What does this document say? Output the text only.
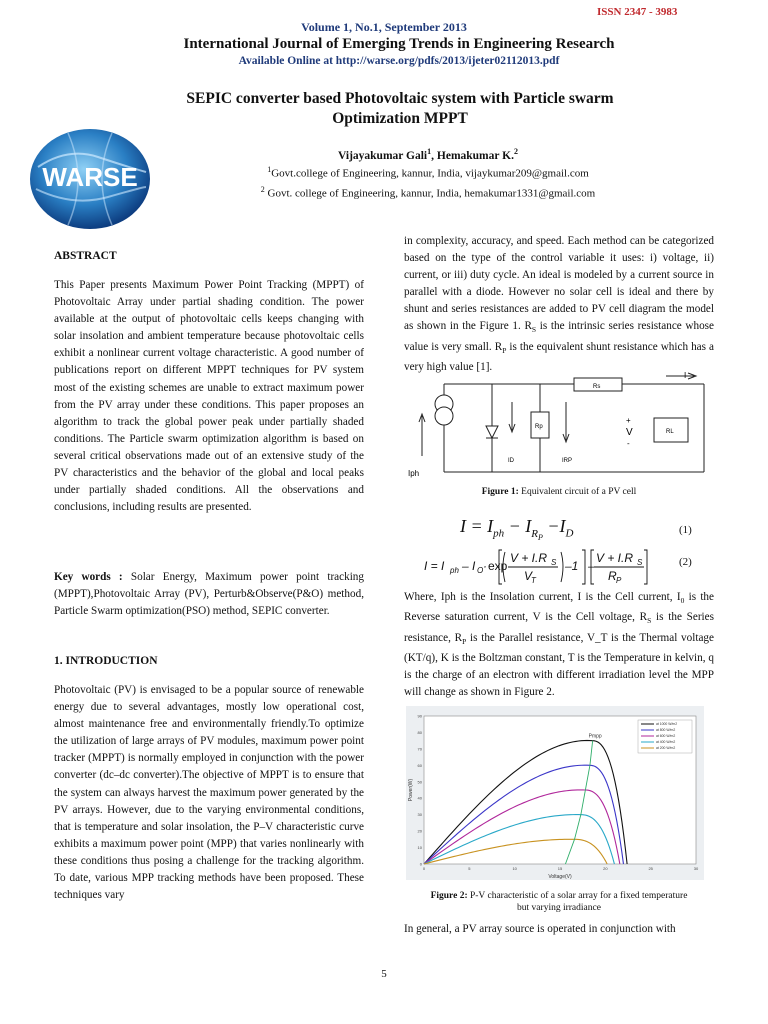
ISSN 2347 - 3983
Volume 1, No.1, September 2013
International Journal of Emerging Trends in Engineering Research
Available Online at http://warse.org/pdfs/2013/ijeter02112013.pdf
WARSE
SEPIC converter based Photovoltaic system with Particle swarm
Optimization MPPT
Vijayakumar Gali$^1$, Hemakumar K.$^2$
$^1$Govt.college of Engineering, kannur, India, vijaykumar209@gmail.com
$^2$ Govt. college of Engineering, kannur, India, hemakumar1331@gmail.com
ABSTRACT
This Paper presents Maximum Power Point Tracking (MPPT) of Photovoltaic Array under partial shading condition. The power available at the output of photovoltaic cells keeps changing with solar insolation and ambient temperature because photovoltaic cells exhibit a nonlinear current voltage characteristic. A good number of publications report on different MPPT techniques for PV system most of the existing schemes are unable to extract maximum power from the PV array under these conditions. This paper proposes an algorithm to track the global power peak under partially shaded conditions. The Particle swarm optimization algorithm is based on several critical observations made out of an extensive study of the PV characteristics and the behavior of the global and local peaks under partially shaded conditions. All the observations and conclusions, including results are presented.
Key words : Solar Energy, Maximum power point tracking (MPPT),Photovoltaic Array (PV), Perturb&Observe(P&O) method, Particle Swarm optimization(PSO) method, SEPIC converter.
1. INTRODUCTION
Photovoltaic (PV) is envisaged to be a popular source of renewable energy due to several advantages, mostly low operational cost, almost maintenance free and environmentally friendly.To optimize the utilization of large arrays of PV modules, maximum power point tracker (MPPT) is normally employed in conjunction with the power converter (dc–dc converter).The objective of MPPT is to ensure that the system can always harvest the maximum power generated by the PV arrays. However, due to the varying environmental conditions, that is temperature and solar insolation, the P–V characteristic curve exhibits a maximum power point (MPP) that varies nonlinearly with these conditions thus posing a challenge for the tracking algorithm. To date, various MPP tracking methods have been proposed. These techniques vary
in complexity, accuracy, and speed. Each method can be categorized based on the type of the control variable it uses: i) voltage, ii) current, or iii) duty cycle. An ideal is modeled by a current source in parallel with a diode. However no solar cell is ideal and there by shunt and series resistances are added to PV cell diagram the model as shown in the Figure 1. $R_S$ is the intrinsic series resistance whose value is very small. $R_P$ is the equivalent shunt resistance which has a very high value [1].
I
Rs
Rp
RL
+
V
-
Iph
ID	IRP
Figure 1: Equivalent circuit of a PV cell
$I = I_{ph} - I_{R_P} -I_D$	(1)
I = I ph – I O · exp
V + I.R S
V
T
–1 –
V + I.R S
R P
(2)
Where, Iph is the Insolation current, I is the Cell current, $I_0$ is the Reverse saturation current, V is the Cell voltage, $R_S$ is the Series resistance, $R_P$ is the Parallel resistance, V_T is the Thermal voltage (KT/q), K is the Boltzman constant, T is the Temperature in kelvin, q is the charge of an electron with different irradiation level the MPP will change as shown in Figure 2.
0
10
20
30
40
50
60
70
80
90
0	5	10	15	20	25	30
at 1000 W/m2
at 800 W/m2
at 600 W/m2
at 400 W/m2
at 200 W/m2
Voltage(V)
Power(W)
Pmpp
Figure 2: P-V characteristic of a solar array for a fixed temperature
but varying irradiance
In general, a PV array source is operated in conjunction with
5
